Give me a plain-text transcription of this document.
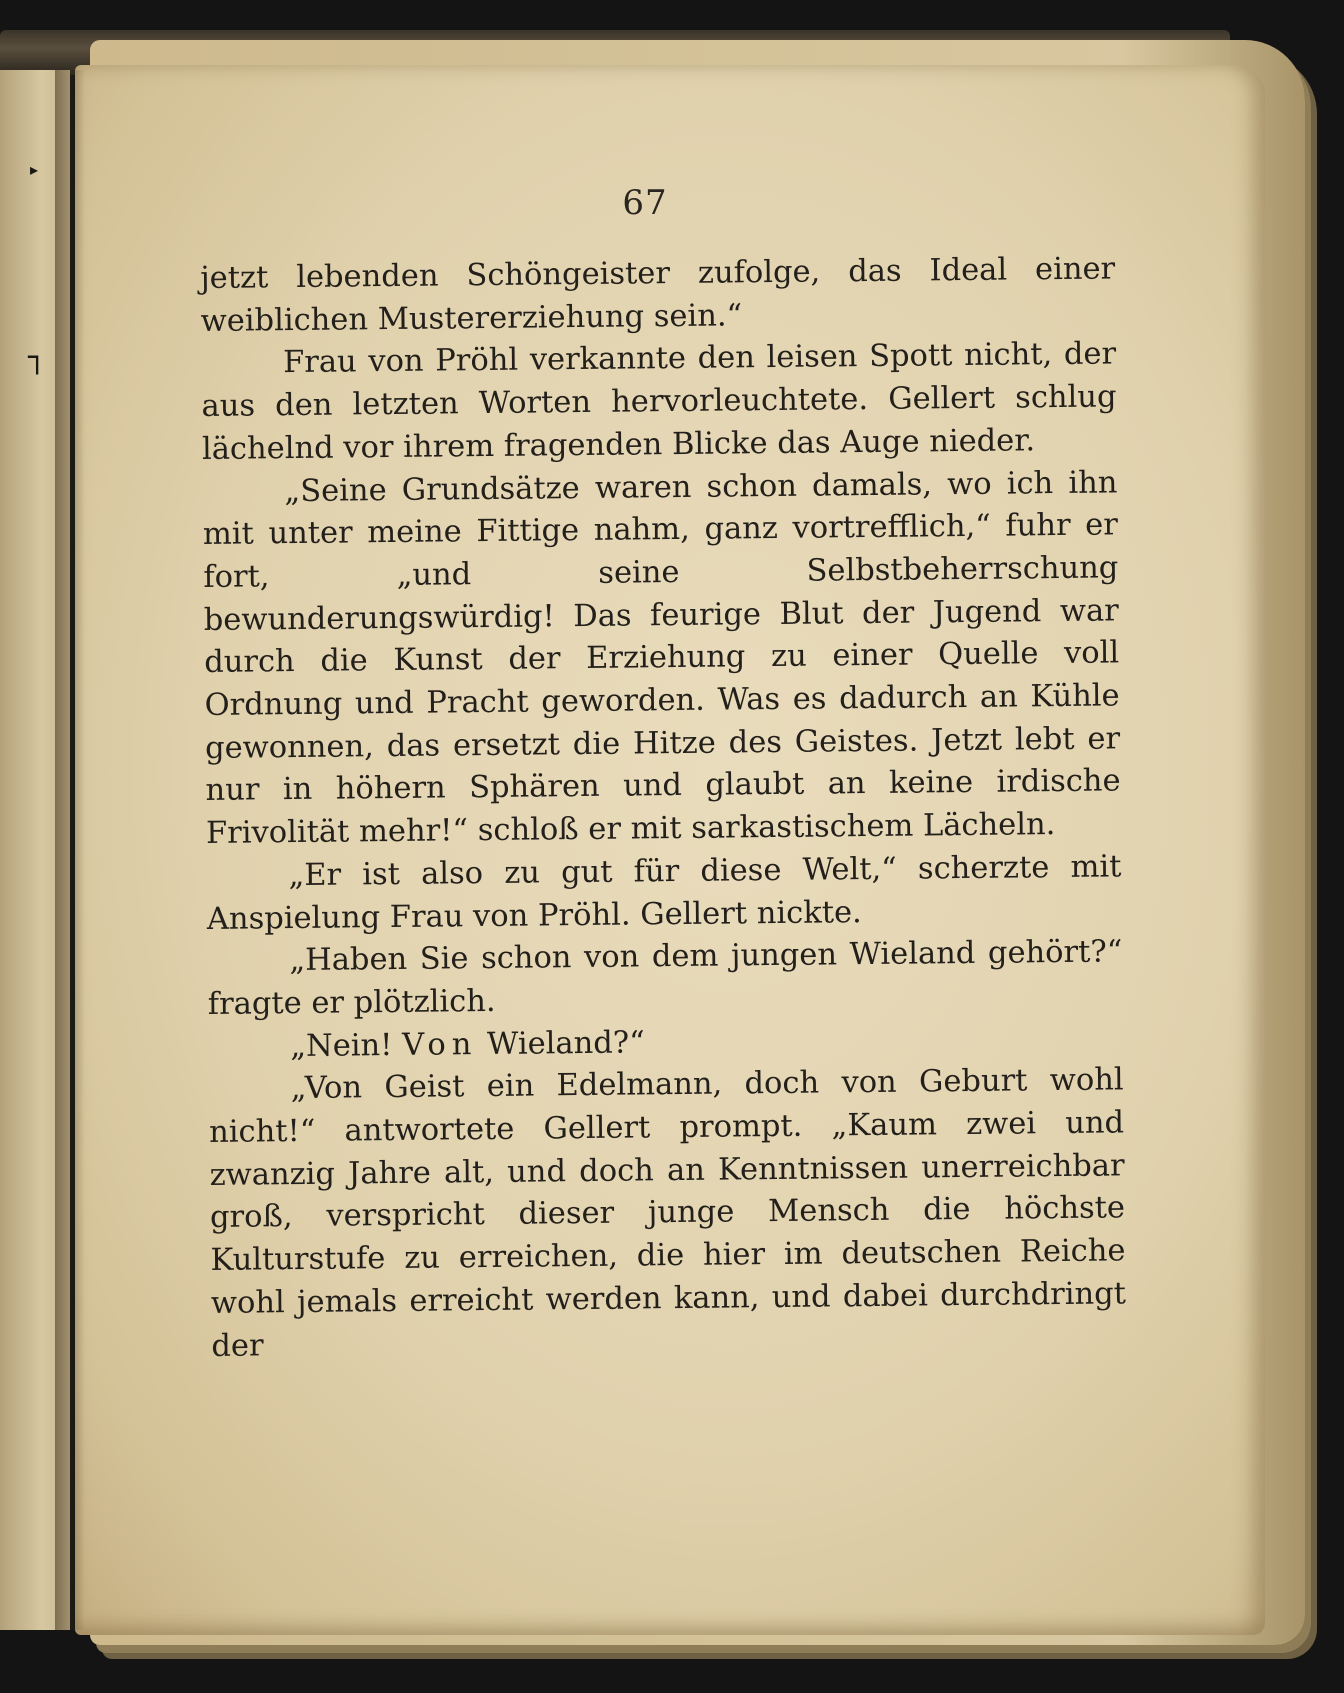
▸
┐
67

jetzt lebenden Schöngeister zufolge, das Ideal einer weiblichen Mustererziehung sein.“

Frau von Pröhl verkannte den leisen Spott nicht, der aus den letzten Worten hervorleuchtete. Gellert schlug lächelnd vor ihrem fragenden Blicke das Auge nieder.

„Seine Grundsätze waren schon damals, wo ich ihn mit unter meine Fittige nahm, ganz vortrefflich,“ fuhr er fort, „und seine Selbstbeherrschung bewunderungswürdig! Das feurige Blut der Jugend war durch die Kunst der Erziehung zu einer Quelle voll Ordnung und Pracht geworden. Was es dadurch an Kühle gewonnen, das ersetzt die Hitze des Geistes. Jetzt lebt er nur in höhern Sphären und glaubt an keine irdische Frivolität mehr!“ schloß er mit sarkastischem Lächeln.

„Er ist also zu gut für diese Welt,“ scherzte mit Anspielung Frau von Pröhl. Gellert nickte.

„Haben Sie schon von dem jungen Wieland gehört?“ fragte er plötzlich.

„Nein! Von Wieland?“

„Von Geist ein Edelmann, doch von Geburt wohl nicht!“ antwortete Gellert prompt. „Kaum zwei und zwanzig Jahre alt, und doch an Kenntnissen unerreichbar groß, verspricht dieser junge Mensch die höchste Kulturstufe zu erreichen, die hier im deutschen Reiche wohl jemals erreicht werden kann, und dabei durchdringt der
